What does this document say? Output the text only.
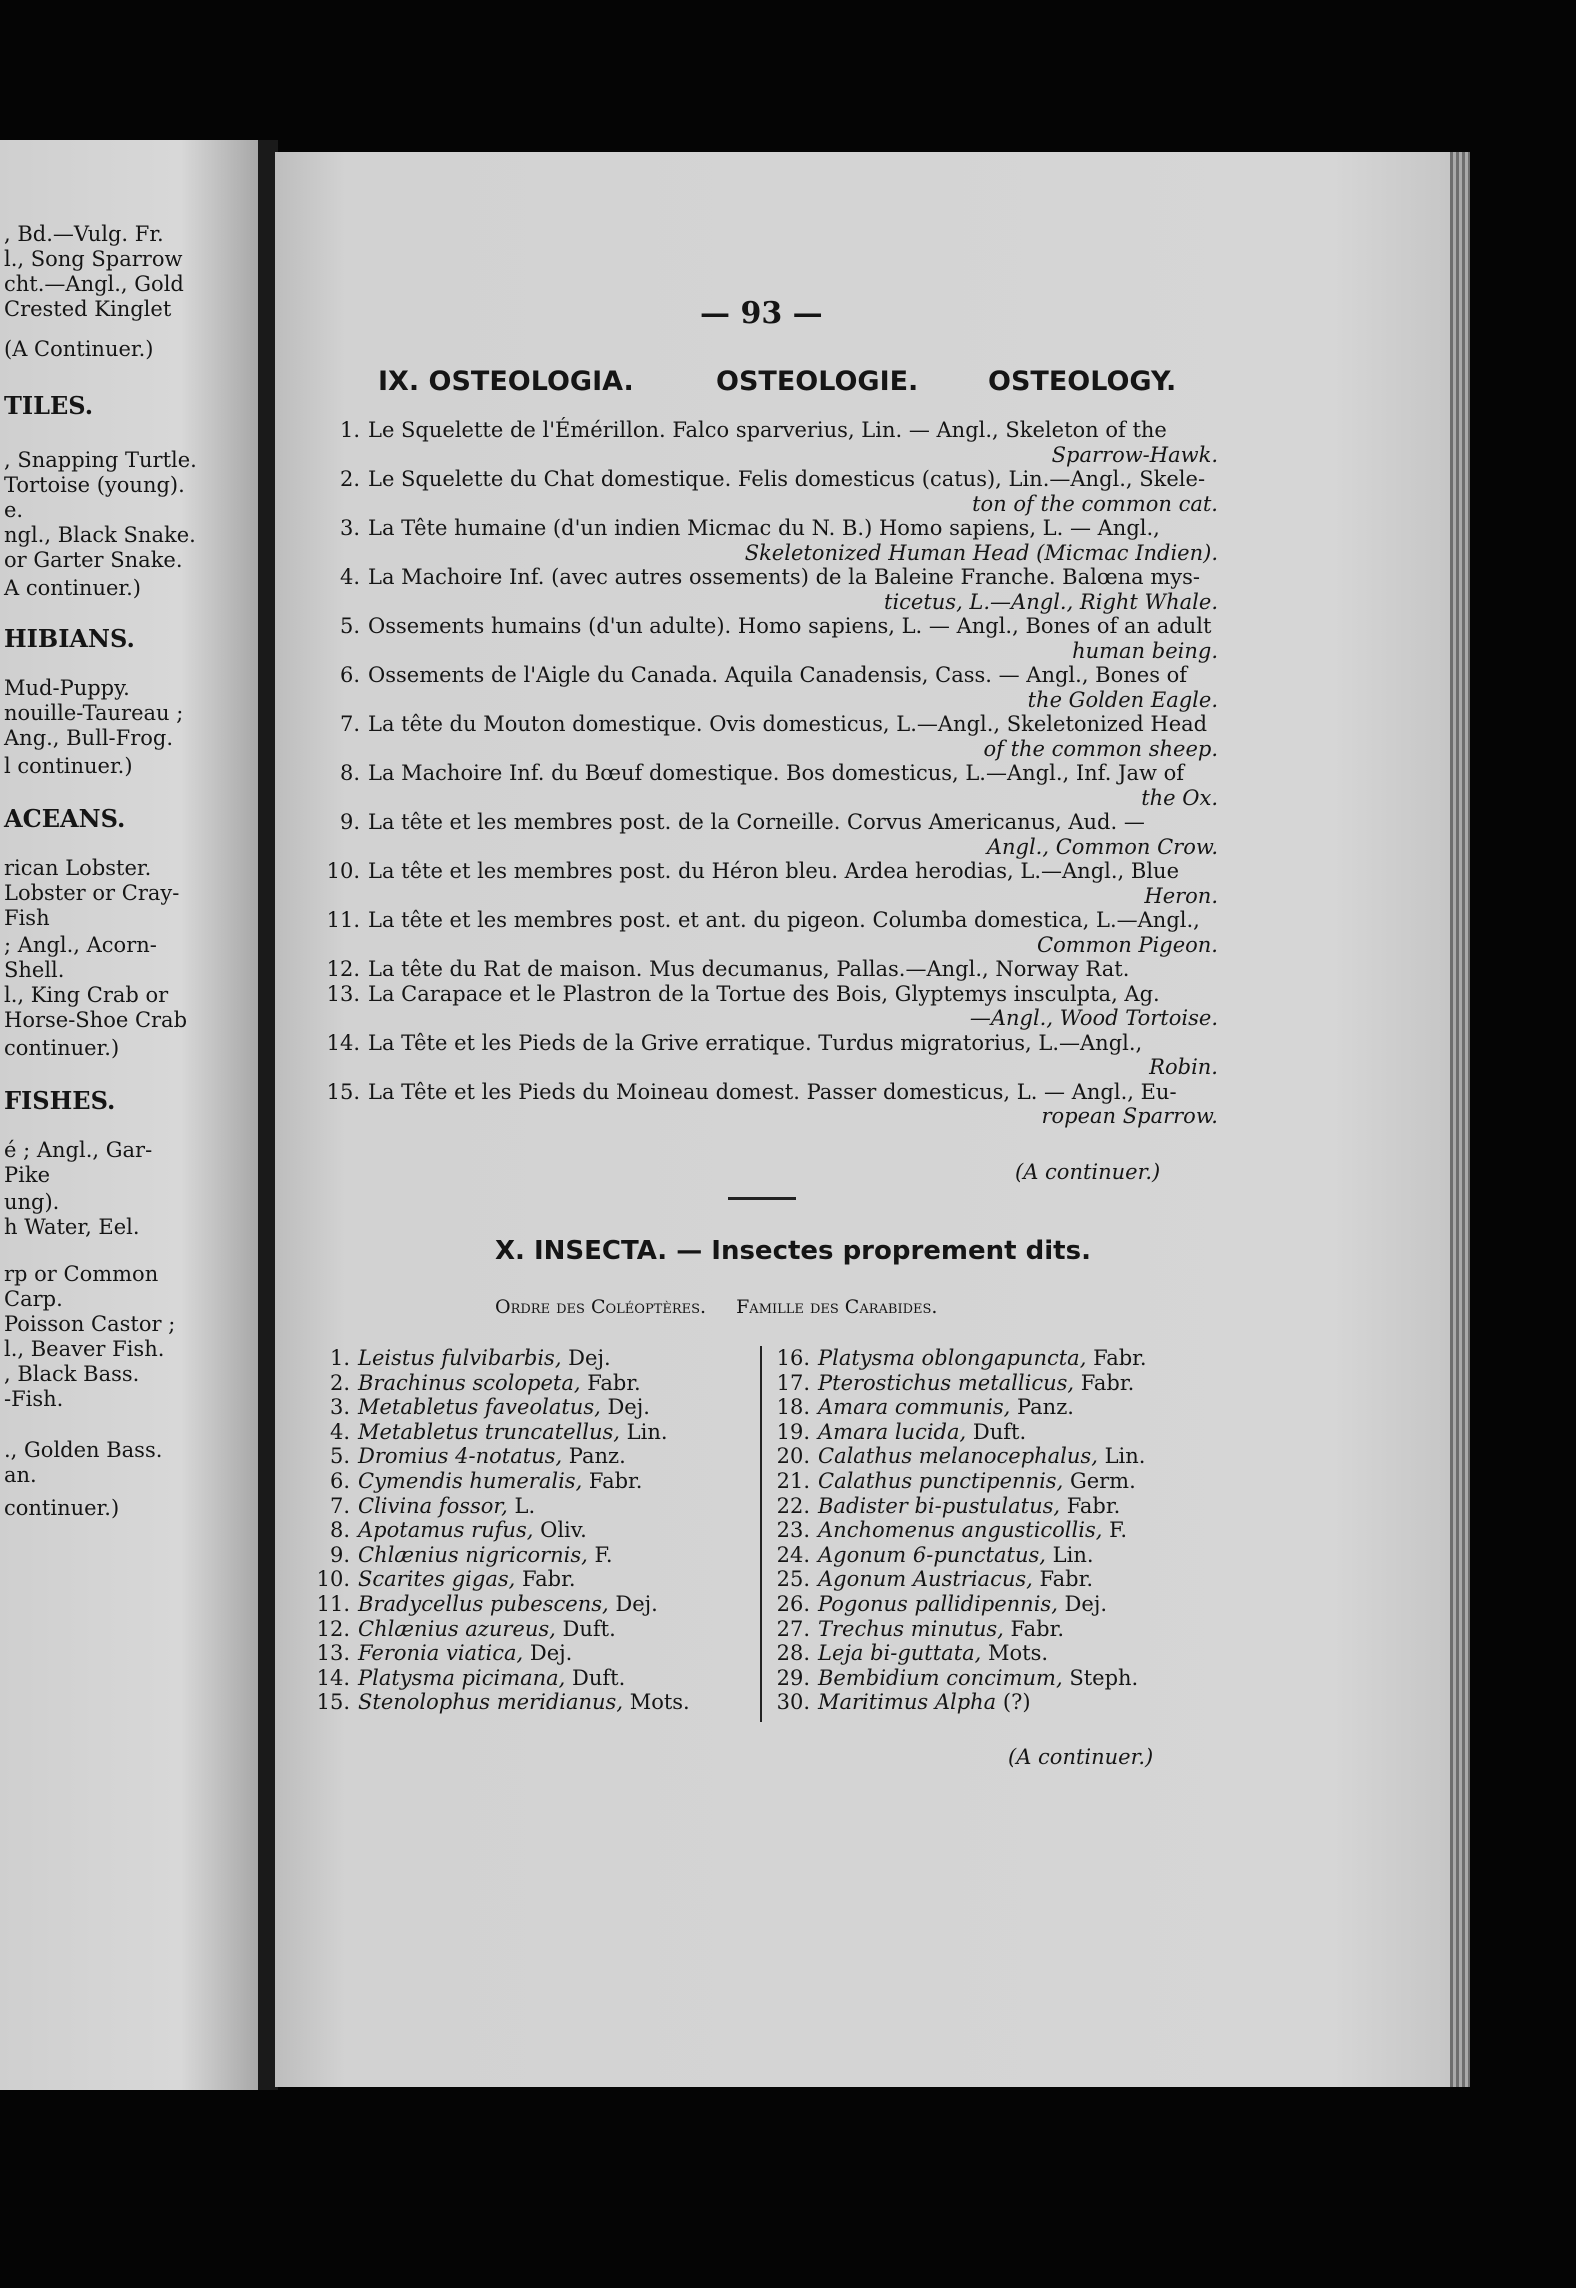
, Bd.—Vulg. Fr.
l., Song Sparrow
cht.—Angl., Gold
Crested Kinglet
(A Continuer.)
TILES.
, Snapping Turtle.
Tortoise (young).
e.
ngl., Black Snake.
or Garter Snake.
A continuer.)
HIBIANS.
Mud-Puppy.
nouille-Taureau ;
Ang., Bull-Frog.
l continuer.)
ACEANS.
rican Lobster.
Lobster or Cray-
Fish
; Angl., Acorn-
Shell.
l., King Crab or
Horse-Shoe Crab
continuer.)
FISHES.
é ; Angl., Gar-
Pike
ung).
h Water, Eel.
rp or Common
Carp.
Poisson Castor ;
l., Beaver Fish.
, Black Bass.
-Fish.
., Golden Bass.
an.
continuer.)
— 93 —
IX. OSTEOLOGIA.	OSTEOLOGIE.	OSTEOLOGY.
1. Le Squelette de l'Émérillon. Falco sparverius, Lin. — Angl., Skeleton of the
Sparrow-Hawk.
2. Le Squelette du Chat domestique. Felis domesticus (catus), Lin.—Angl., Skele-
ton of the common cat.
3. La Tête humaine (d'un indien Micmac du N. B.) Homo sapiens, L. — Angl.,
Skeletonized Human Head (Micmac Indien).
4. La Machoire Inf. (avec autres ossements) de la Baleine Franche. Balœna mys-
ticetus, L.—Angl., Right Whale.
5. Ossements humains (d'un adulte). Homo sapiens, L. — Angl., Bones of an adult
human being.
6. Ossements de l'Aigle du Canada. Aquila Canadensis, Cass. — Angl., Bones of
the Golden Eagle.
7. La tête du Mouton domestique. Ovis domesticus, L.—Angl., Skeletonized Head
of the common sheep.
8. La Machoire Inf. du Bœuf domestique. Bos domesticus, L.—Angl., Inf. Jaw of
the Ox.
9. La tête et les membres post. de la Corneille. Corvus Americanus, Aud. —
Angl., Common Crow.
10. La tête et les membres post. du Héron bleu. Ardea herodias, L.—Angl., Blue
Heron.
11. La tête et les membres post. et ant. du pigeon. Columba domestica, L.—Angl.,
Common Pigeon.
12. La tête du Rat de maison. Mus decumanus, Pallas.—Angl., Norway Rat.
13. La Carapace et le Plastron de la Tortue des Bois, Glyptemys insculpta, Ag.
—Angl., Wood Tortoise.
14. La Tête et les Pieds de la Grive erratique. Turdus migratorius, L.—Angl.,
Robin.
15. La Tête et les Pieds du Moineau domest. Passer domesticus, L. — Angl., Eu-
ropean Sparrow.
(A continuer.)
X. INSECTA. — Insectes proprement dits.
Ordre des Coléoptères. Famille des Carabides.
1. Leistus fulvibarbis, Dej.
2. Brachinus scolopeta, Fabr.
3. Metabletus faveolatus, Dej.
4. Metabletus truncatellus, Lin.
5. Dromius 4-notatus, Panz.
6. Cymendis humeralis, Fabr.
7. Clivina fossor, L.
8. Apotamus rufus, Oliv.
9. Chlænius nigricornis, F.
10. Scarites gigas, Fabr.
11. Bradycellus pubescens, Dej.
12. Chlænius azureus, Duft.
13. Feronia viatica, Dej.
14. Platysma picimana, Duft.
15. Stenolophus meridianus, Mots.
16. Platysma oblongapuncta, Fabr.
17. Pterostichus metallicus, Fabr.
18. Amara communis, Panz.
19. Amara lucida, Duft.
20. Calathus melanocephalus, Lin.
21. Calathus punctipennis, Germ.
22. Badister bi-pustulatus, Fabr.
23. Anchomenus angusticollis, F.
24. Agonum 6-punctatus, Lin.
25. Agonum Austriacus, Fabr.
26. Pogonus pallidipennis, Dej.
27. Trechus minutus, Fabr.
28. Leja bi-guttata, Mots.
29. Bembidium concimum, Steph.
30. Maritimus Alpha (?)
(A continuer.)
